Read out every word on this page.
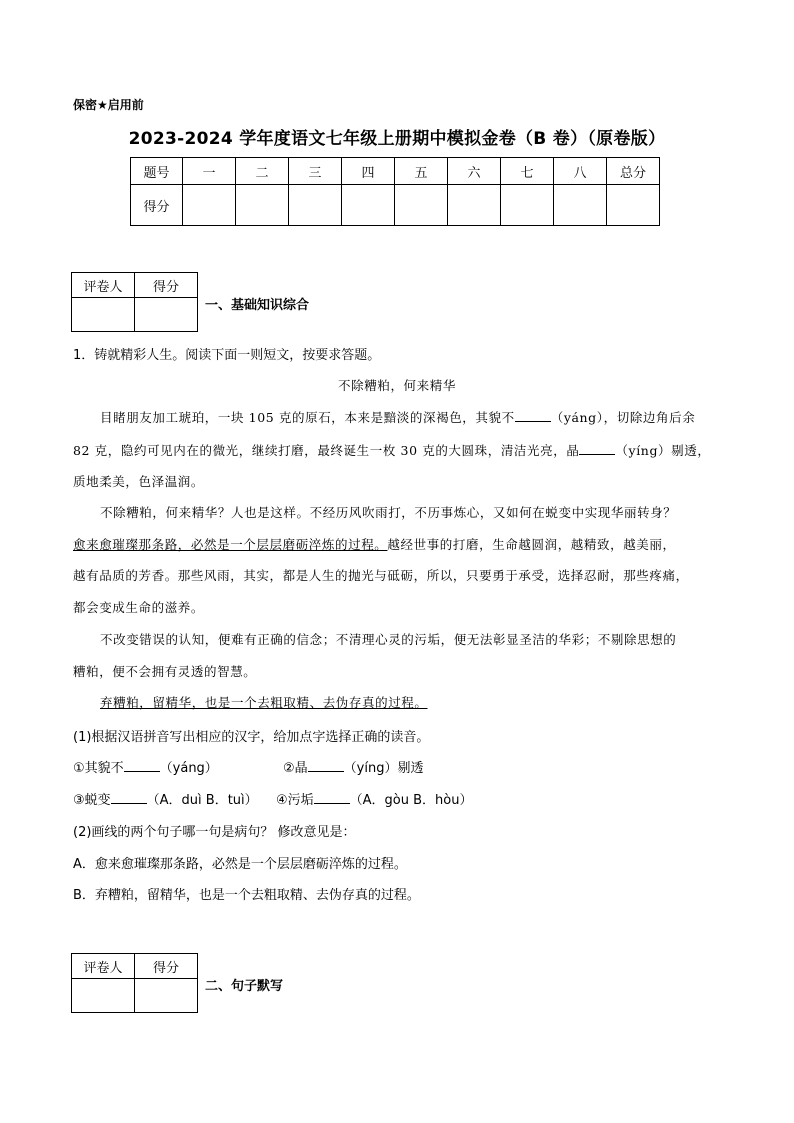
保密★启用前
2023-2024 学年度语文七年级上册期中模拟金卷（B 卷）（原卷版）
题号	一	二	三	四	五	六	七	八	总分
得分									
评卷人	得分

一、基础知识综合
1．铸就精彩人生。阅读下面一则短文，按要求答题。
不除糟粕，何来精华
目睹朋友加工琥珀，一块 105 克的原石，本来是黯淡的深褐色，其貌不	（yáng），切除边角后余
82 克，隐约可见内在的微光，继续打磨，最终诞生一枚 30 克的大圆珠，清洁光亮，晶	（yíng）剔透，
质地柔美，色泽温润。
不除糟粕，何来精华？人也是这样。不经历风吹雨打，不历事炼心，又如何在蜕变中实现华丽转身？
愈来愈璀璨那条路，必然是一个层层磨砺淬炼的过程。越经世事的打磨，生命越圆润，越精致，越美丽，
越有品质的芳香。那些风雨，其实，都是人生的抛光与砥砺，所以，只要勇于承受，选择忍耐，那些疼痛，
都会变成生命的滋养。
不改变错误的认知，便难有正确的信念；不清理心灵的污垢，便无法彰显圣洁的华彩；不剔除思想的
糟粕，便不会拥有灵透的智慧。
弃糟粕，留精华，也是一个去粗取精、去伪存真的过程。
(1)根据汉语拼音写出相应的汉字，给加点字选择正确的读音。
①其貌不	（yáng）	②晶	（yíng）剔透
③蜕变	（A．duì B．tuì） ④污垢	（A．gòu B．hòu）
(2)画线的两个句子哪一句是病句？ 修改意见是：
A．愈来愈璀璨那条路，必然是一个层层磨砺淬炼的过程。
B．弃糟粕，留精华，也是一个去粗取精、去伪存真的过程。
评卷人	得分

二、句子默写
